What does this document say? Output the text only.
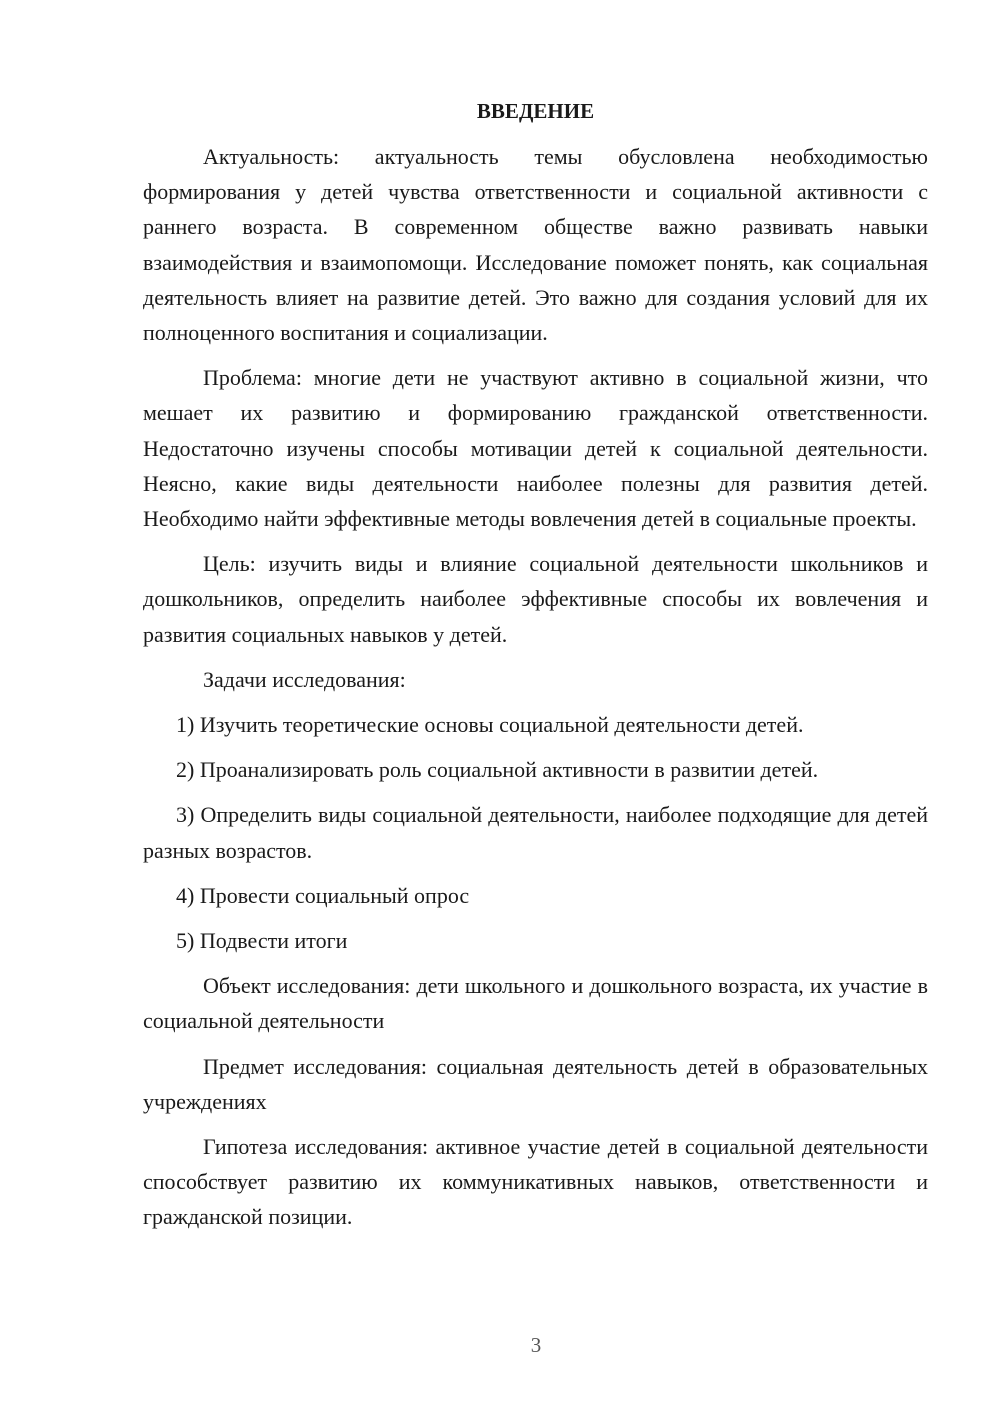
ВВЕДЕНИЕ

Актуальность: актуальность темы обусловлена необходимостью формирования у детей чувства ответственности и социальной активности с раннего возраста. В современном обществе важно развивать навыки взаимодействия и взаимопомощи. Исследование поможет понять, как социальная деятельность влияет на развитие детей. Это важно для создания условий для их полноценного воспитания и социализации.

Проблема: многие дети не участвуют активно в социальной жизни, что мешает их развитию и формированию гражданской ответственности. Недостаточно изучены способы мотивации детей к социальной деятельности. Неясно, какие виды деятельности наиболее полезны для развития детей. Необходимо найти эффективные методы вовлечения детей в социальные проекты.

Цель: изучить виды и влияние социальной деятельности школьников и дошкольников, определить наиболее эффективные способы их вовлечения и развития социальных навыков у детей.

Задачи исследования:

1) Изучить теоретические основы социальной деятельности детей.

2) Проанализировать роль социальной активности в развитии детей.

3) Определить виды социальной деятельности, наиболее подходящие для детей разных возрастов.

4) Провести социальный опрос

5) Подвести итоги

Объект исследования: дети школьного и дошкольного возраста, их участие в социальной деятельности

Предмет исследования: социальная деятельность детей в образовательных учреждениях

Гипотеза исследования: активное участие детей в социальной деятельности способствует развитию их коммуникативных навыков, ответственности и гражданской позиции.

3
